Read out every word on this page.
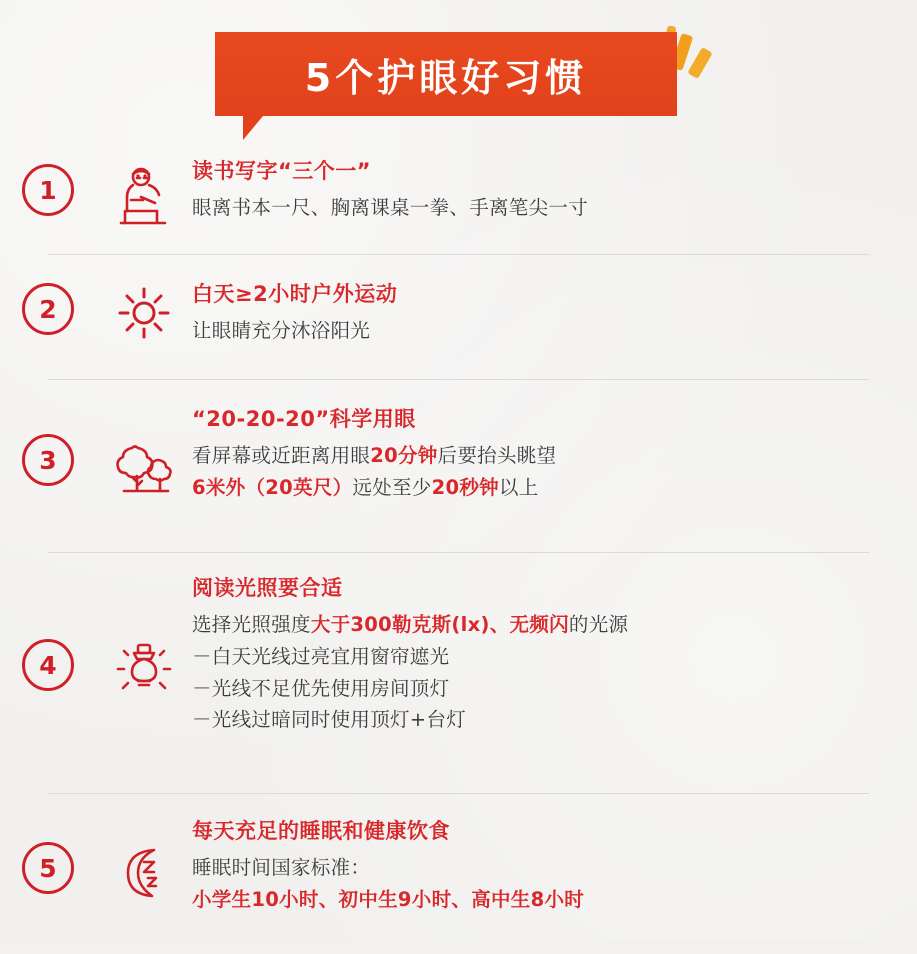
5个护眼好习惯
1
读书写字“三个一”
眼离书本一尺、胸离课桌一拳、手离笔尖一寸
2
白天≥2小时户外运动
让眼睛充分沐浴阳光
3
“20-20-20”科学用眼
看屏幕或近距离用眼20分钟后要抬头眺望
6米外（20英尺）远处至少20秒钟以上
4
阅读光照要合适
选择光照强度大于300勒克斯(lx)、无频闪的光源
－白天光线过亮宜用窗帘遮光
－光线不足优先使用房间顶灯
－光线过暗同时使用顶灯+台灯
5
每天充足的睡眠和健康饮食
睡眠时间国家标准：
小学生10小时、初中生9小时、高中生8小时
